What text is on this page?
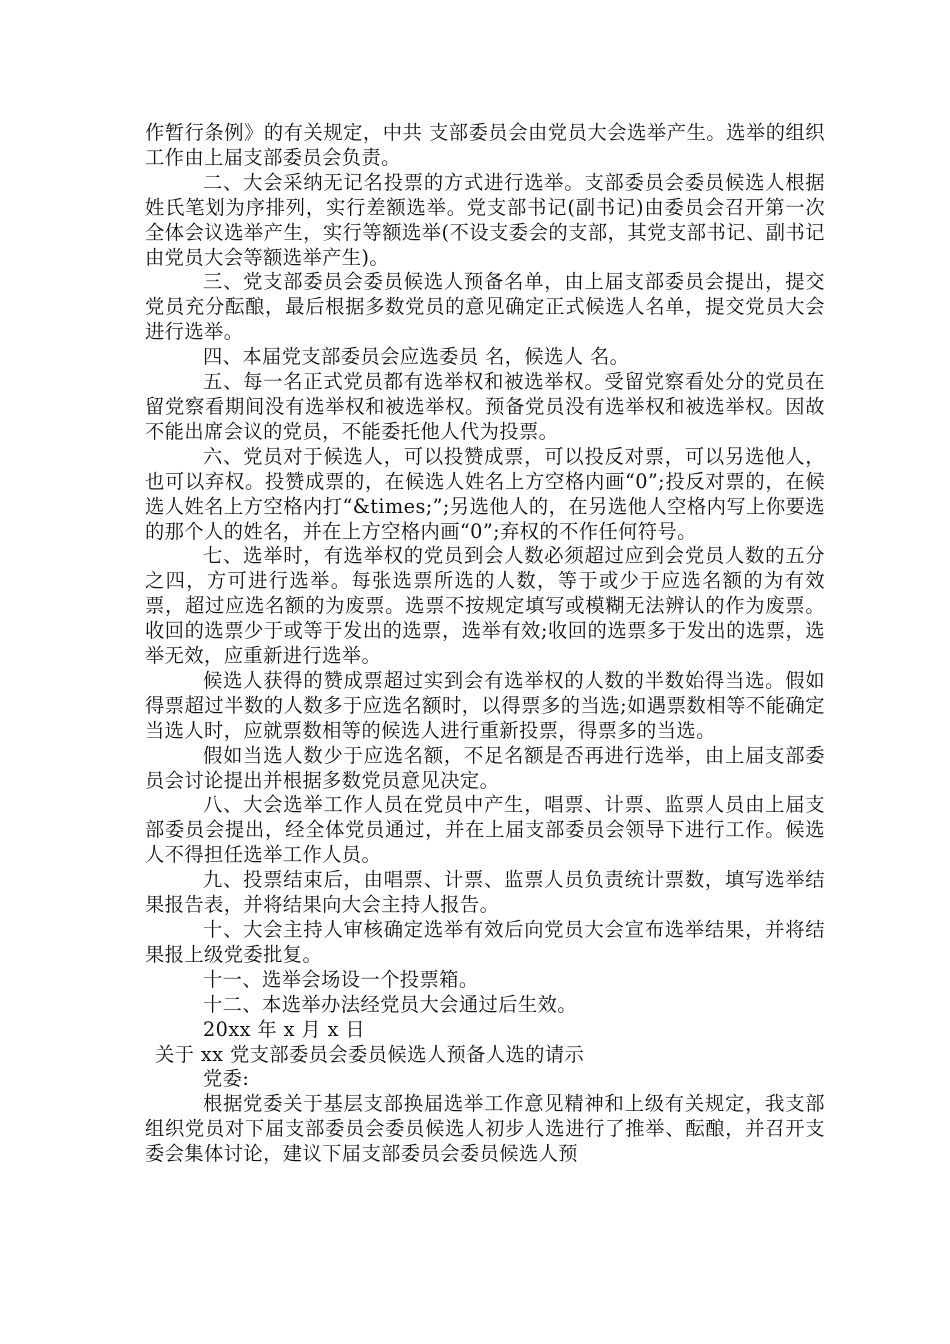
作暂行条例》的有关规定，中共 支部委员会由党员大会选举产生。选举的组织工作由上届支部委员会负责。

二、大会采纳无记名投票的方式进行选举。支部委员会委员候选人根据姓氏笔划为序排列，实行差额选举。党支部书记(副书记)由委员会召开第一次全体会议选举产生，实行等额选举(不设支委会的支部，其党支部书记、副书记由党员大会等额选举产生)。

三、党支部委员会委员候选人预备名单，由上届支部委员会提出，提交党员充分酝酿，最后根据多数党员的意见确定正式候选人名单，提交党员大会进行选举。

四、本届党支部委员会应选委员 名，候选人 名。

五、每一名正式党员都有选举权和被选举权。受留党察看处分的党员在留党察看期间没有选举权和被选举权。预备党员没有选举权和被选举权。因故不能出席会议的党员，不能委托他人代为投票。

六、党员对于候选人，可以投赞成票，可以投反对票，可以另选他人，也可以弃权。投赞成票的，在候选人姓名上方空格内画“0”;投反对票的，在候选人姓名上方空格内打“&times;”;另选他人的，在另选他人空格内写上你要选的那个人的姓名，并在上方空格内画“0”;弃权的不作任何符号。

七、选举时，有选举权的党员到会人数必须超过应到会党员人数的五分之四，方可进行选举。每张选票所选的人数，等于或少于应选名额的为有效票，超过应选名额的为废票。选票不按规定填写或模糊无法辨认的作为废票。收回的选票少于或等于发出的选票，选举有效;收回的选票多于发出的选票，选举无效，应重新进行选举。

候选人获得的赞成票超过实到会有选举权的人数的半数始得当选。假如得票超过半数的人数多于应选名额时，以得票多的当选;如遇票数相等不能确定当选人时，应就票数相等的候选人进行重新投票，得票多的当选。

假如当选人数少于应选名额，不足名额是否再进行选举，由上届支部委员会讨论提出并根据多数党员意见决定。

八、大会选举工作人员在党员中产生，唱票、计票、监票人员由上届支部委员会提出，经全体党员通过，并在上届支部委员会领导下进行工作。候选人不得担任选举工作人员。

九、投票结束后，由唱票、计票、监票人员负责统计票数，填写选举结果报告表，并将结果向大会主持人报告。

十、大会主持人审核确定选举有效后向党员大会宣布选举结果，并将结果报上级党委批复。

十一、选举会场设一个投票箱。

十二、本选举办法经党员大会通过后生效。

20xx 年 x 月 x 日

关于 xx 党支部委员会委员候选人预备人选的请示

党委:

根据党委关于基层支部换届选举工作意见精神和上级有关规定，我支部组织党员对下届支部委员会委员候选人初步人选进行了推举、酝酿，并召开支委会集体讨论，建议下届支部委员会委员候选人预
